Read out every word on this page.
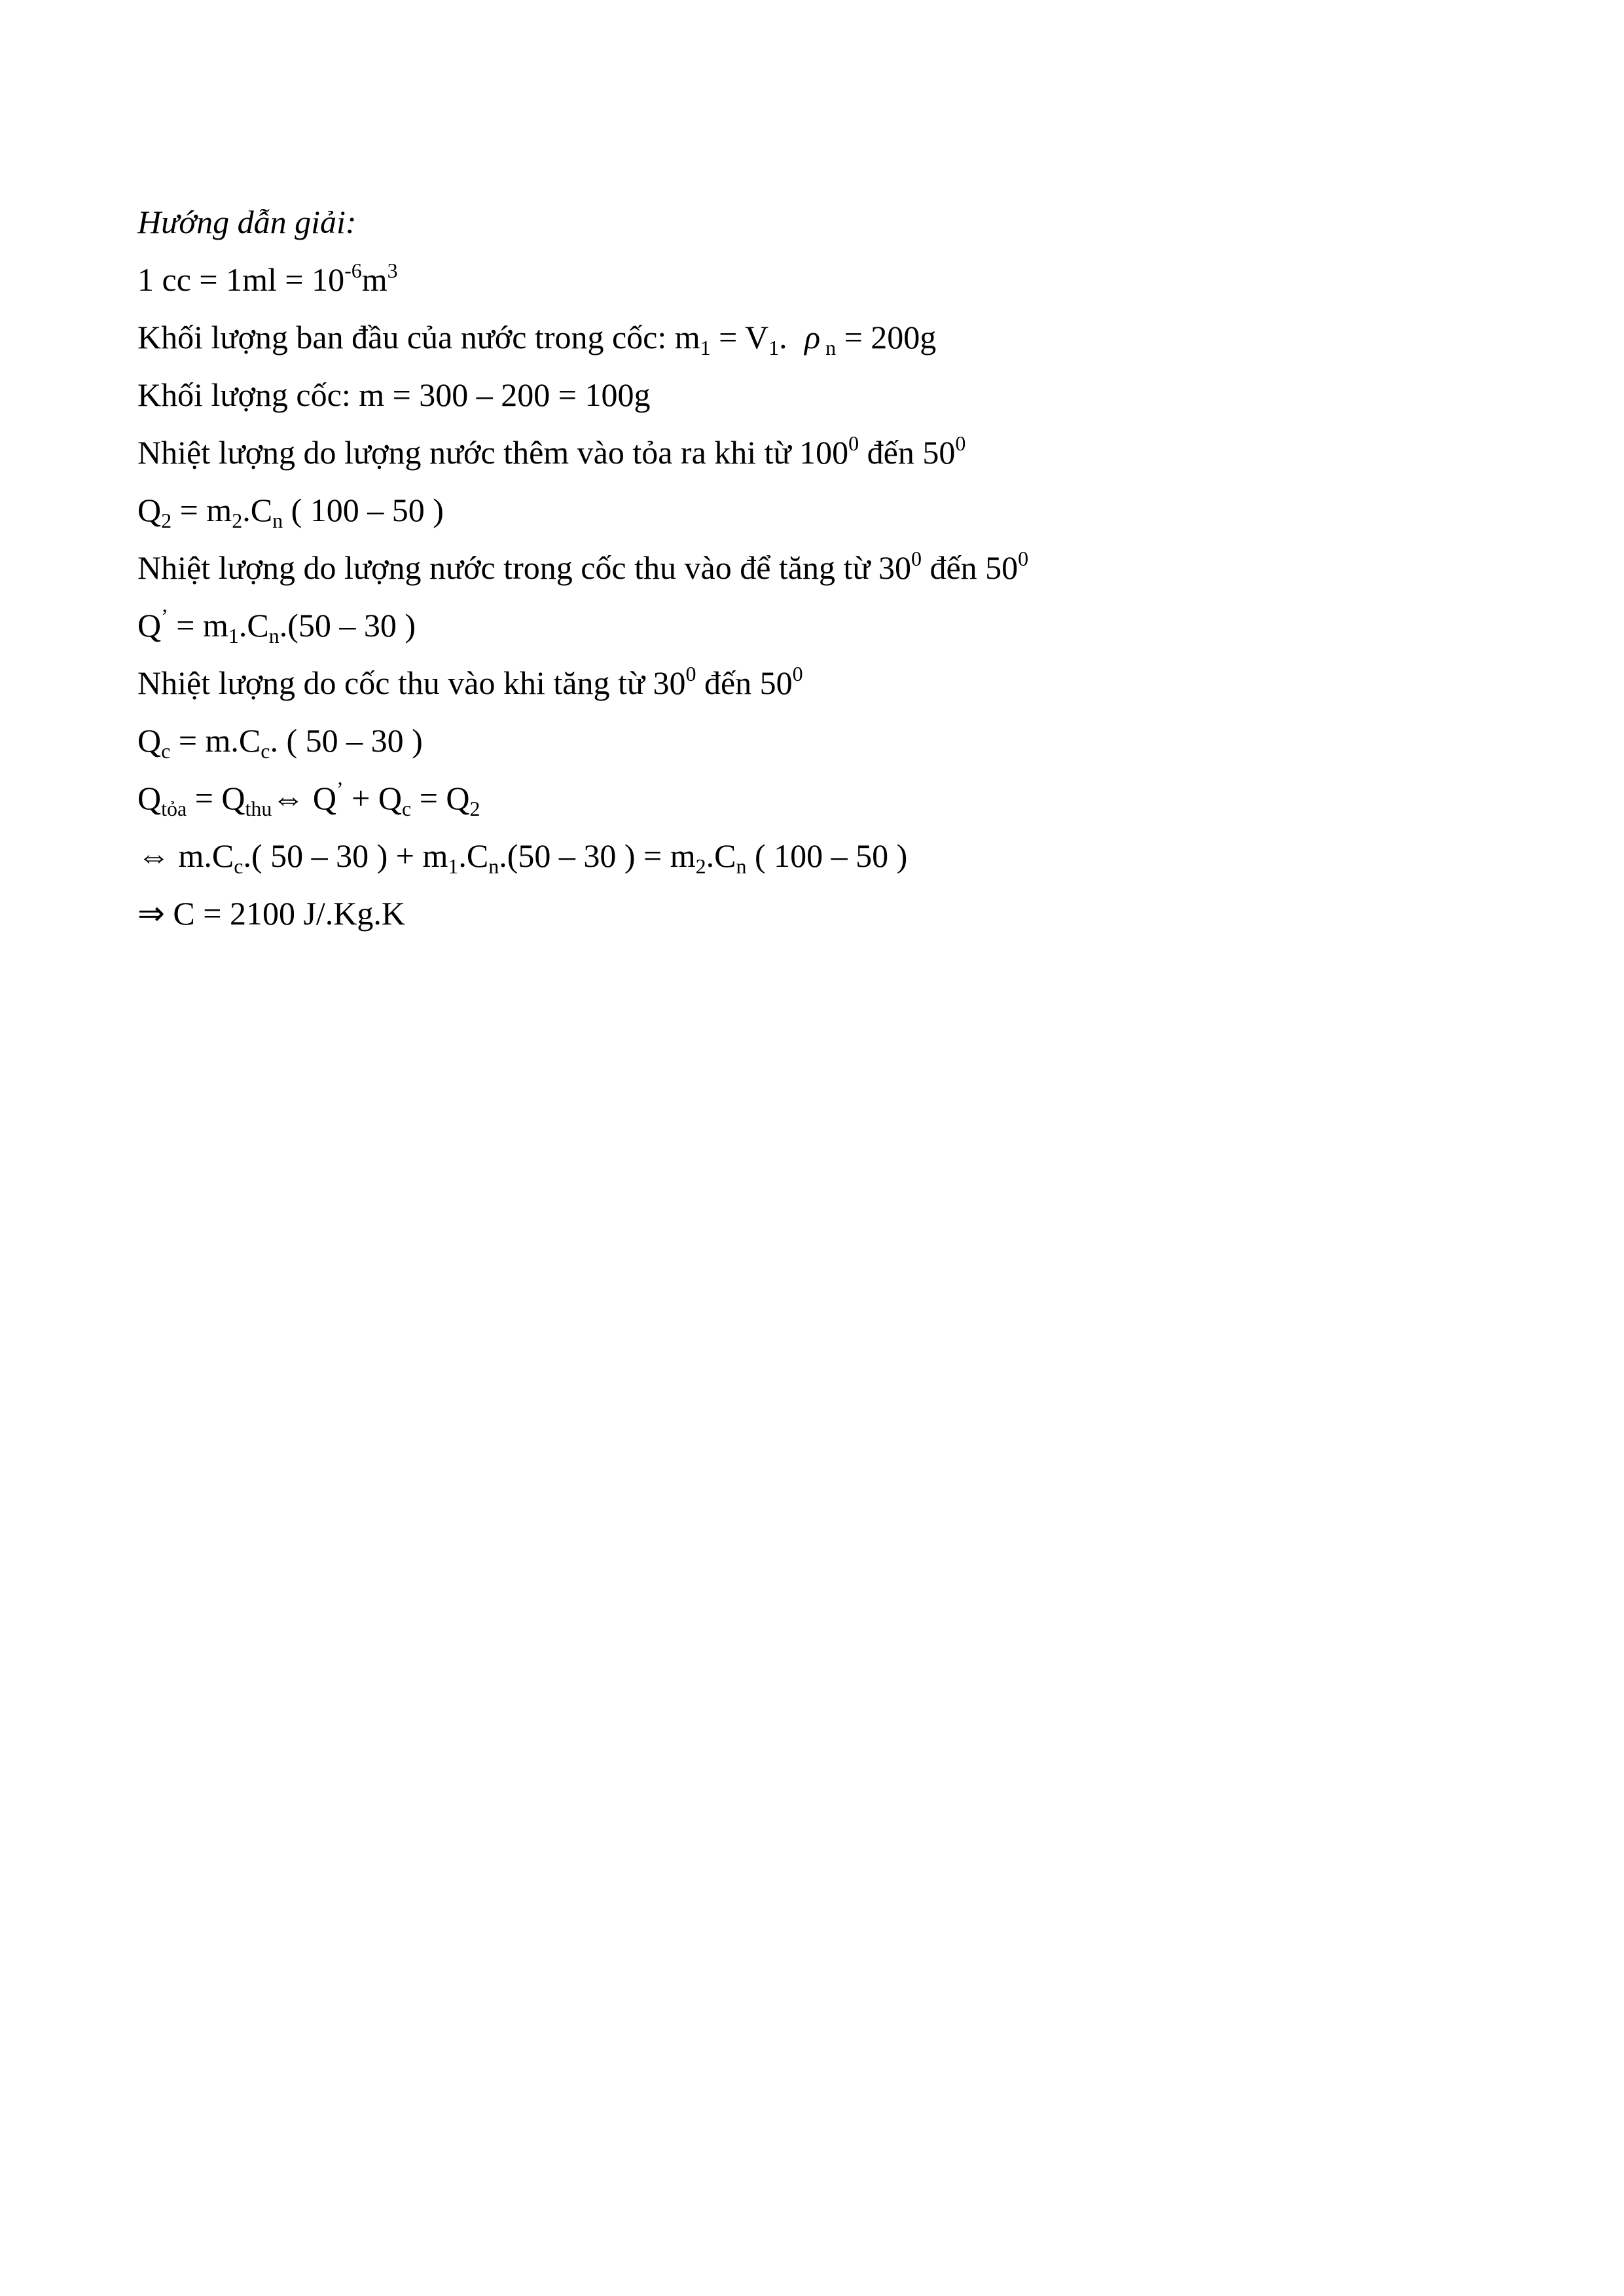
Hướng dẫn giải:
1 cc = $1ml = 10^{-6}m^3$
Khối lượng ban đầu của nước trong cốc: $m_1 = V_1$. ρ $_n$ = 200g
Khối lượng cốc: m = 300 – 200 = 100g
Nhiệt lượng do lượng nước thêm vào tỏa ra khi từ $100^0$ đến $50^0$
$Q_2 = m_2.C_n$ ( 100 – 50 )
Nhiệt lượng do lượng nước trong cốc thu vào để tăng từ $30^0$ đến $50^0$
$Q^’ = m_1.C_n.(50 - 30$ )
Nhiệt lượng do cốc thu vào khi tăng từ $30^0$ đến $50^0$
$Q_c = m.C_c$. ( 50 – 30 )
$Q_{tỏa}$ = $Q_{thu}\Leftrightarrow$ $Q^’ + Q_c = Q_2$
⇔ $m.C_c$.( 50 – 30 ) + $m_1.C_n.(50 - 30$ ) = $m_2.C_n$ ( 100 – 50 )
⇒ C = 2100 J/.Kg.K
